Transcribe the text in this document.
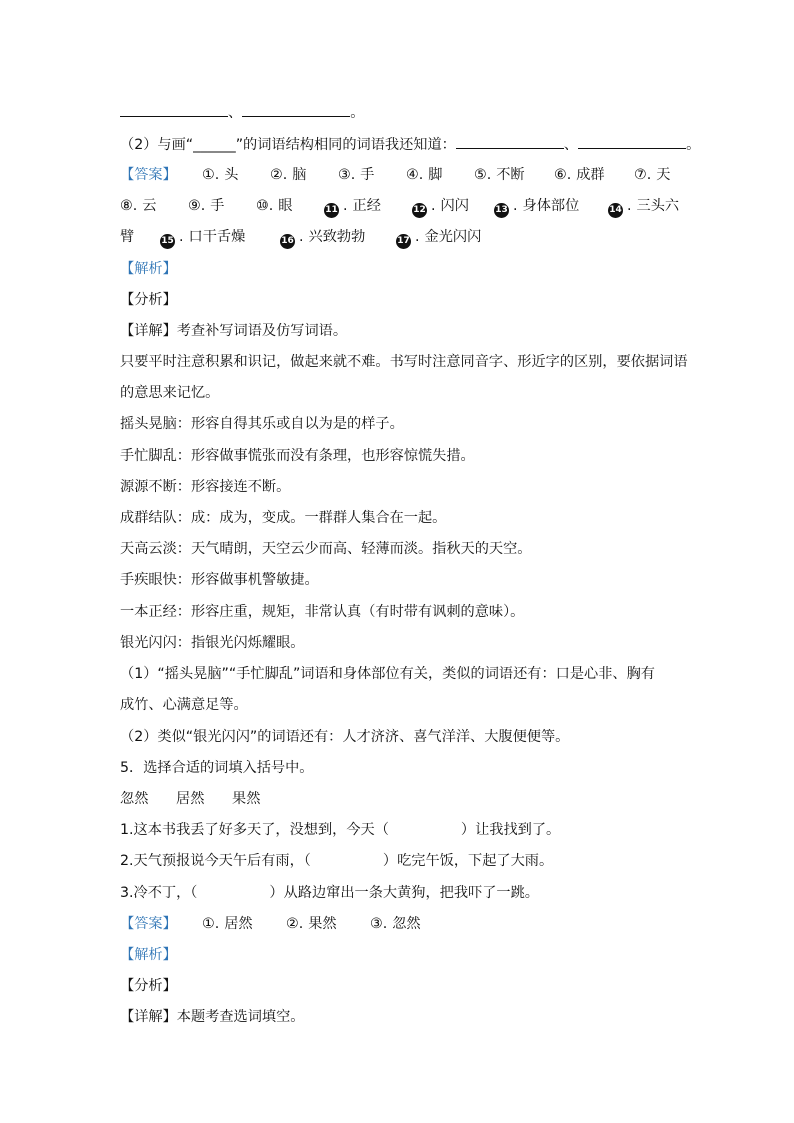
、	。
（2）与画“______”的词语结构相同的词语我还知道：	、	。
【答案】 ①. 头 ②. 脑 ③. 手 ④. 脚 ⑤. 不断 ⑥. 成群 ⑦. 天
⑧. 云 ⑨. 手 ⑩. 眼	11 . 正经	12 . 闪闪	13 . 身体部位	14 . 三头六
臂	15 . 口干舌燥	16 . 兴致勃勃	17 . 金光闪闪
【解析】
【分析】
【详解】考查补写词语及仿写词语。
只要平时注意积累和识记，做起来就不难。书写时注意同音字、形近字的区别，要依据词语
的意思来记忆。
摇头晃脑：形容自得其乐或自以为是的样子。
手忙脚乱：形容做事慌张而没有条理，也形容惊慌失措。
源源不断：形容接连不断。
成群结队：成：成为，变成。一群群人集合在一起。
天高云淡：天气晴朗，天空云少而高、轻薄而淡。指秋天的天空。
手疾眼快：形容做事机警敏捷。
一本正经：形容庄重，规矩，非常认真（有时带有讽刺的意味）。
银光闪闪：指银光闪烁耀眼。
（1）“摇头晃脑”“手忙脚乱”词语和身体部位有关，类似的词语还有：口是心非、胸有
成竹、心满意足等。
（2）类似“银光闪闪”的词语还有：人才济济、喜气洋洋、大腹便便等。
5．选择合适的词填入括号中。
忽然 居然 果然
1.这本书我丢了好多天了，没想到，今天（	）让我找到了。
2.天气预报说今天午后有雨，（	）吃完午饭，下起了大雨。
3.冷不丁，（	）从路边窜出一条大黄狗，把我吓了一跳。
【答案】 ①. 居然 ②. 果然 ③. 忽然
【解析】
【分析】
【详解】本题考查选词填空。
